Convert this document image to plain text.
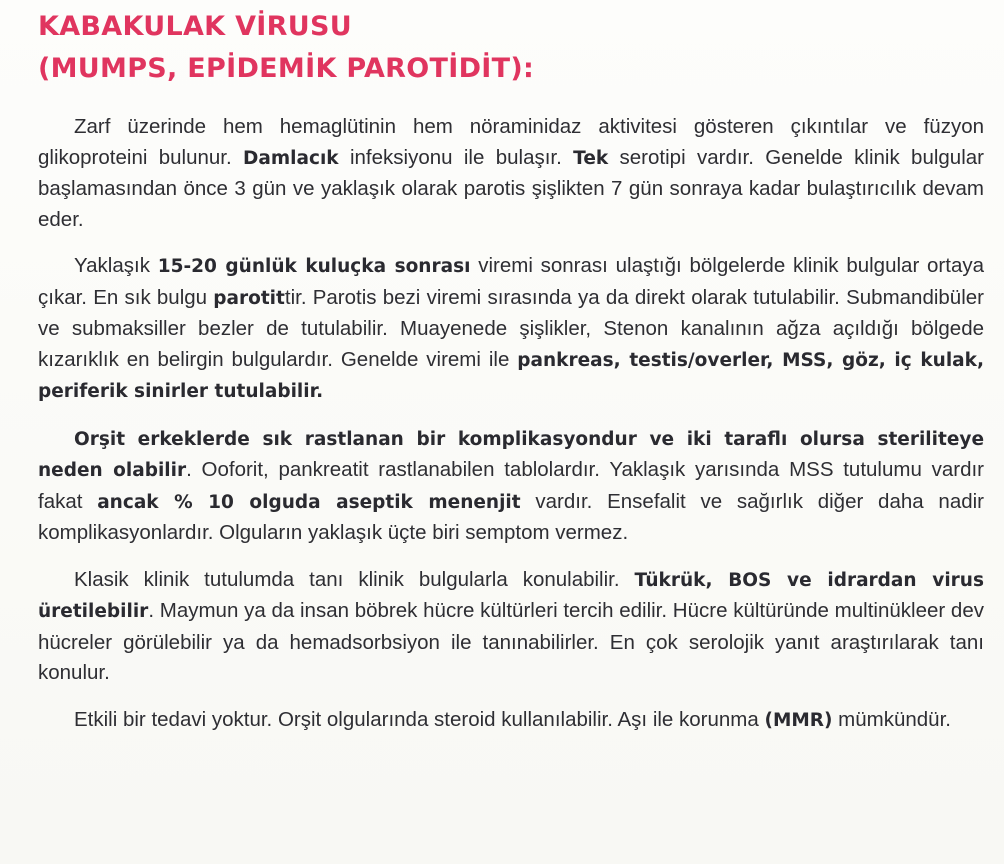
KABAKULAK VİRUSU
(MUMPS, EPİDEMİK PAROTİDİT):

Zarf üzerinde hem hemaglütinin hem nöraminidaz aktivitesi gösteren çıkıntılar ve füzyon glikoproteini bulunur. Damlacık infeksiyonu ile bulaşır. Tek serotipi vardır. Genelde klinik bulgular başlamasından önce 3 gün ve yaklaşık olarak parotis şişlikten 7 gün sonraya kadar bulaştırıcılık devam eder.

Yaklaşık 15-20 günlük kuluçka sonrası viremi sonrası ulaştığı bölgelerde klinik bulgular ortaya çıkar. En sık bulgu parotittir. Parotis bezi viremi sırasında ya da direkt olarak tutulabilir. Submandibüler ve submaksiller bezler de tutulabilir. Muayenede şişlikler, Stenon kanalının ağza açıldığı bölgede kızarıklık en belirgin bulgulardır. Genelde viremi ile pankreas, testis/overler, MSS, göz, iç kulak, periferik sinirler tutulabilir.

Orşit erkeklerde sık rastlanan bir komplikasyondur ve iki taraflı olursa steriliteye neden olabilir. Ooforit, pankreatit rastlanabilen tablolardır. Yaklaşık yarısında MSS tutulumu vardır fakat ancak % 10 olguda aseptik menenjit vardır. Ensefalit ve sağırlık diğer daha nadir komplikasyonlardır. Olguların yaklaşık üçte biri semptom vermez.

Klasik klinik tutulumda tanı klinik bulgularla konulabilir. Tükrük, BOS ve idrardan virus üretilebilir. Maymun ya da insan böbrek hücre kültürleri tercih edilir. Hücre kültüründe multinükleer dev hücreler görülebilir ya da hemadsorbsiyon ile tanınabilirler. En çok serolojik yanıt araştırılarak tanı konulur.

Etkili bir tedavi yoktur. Orşit olgularında steroid kullanılabilir. Aşı ile korunma (MMR) mümkündür.
